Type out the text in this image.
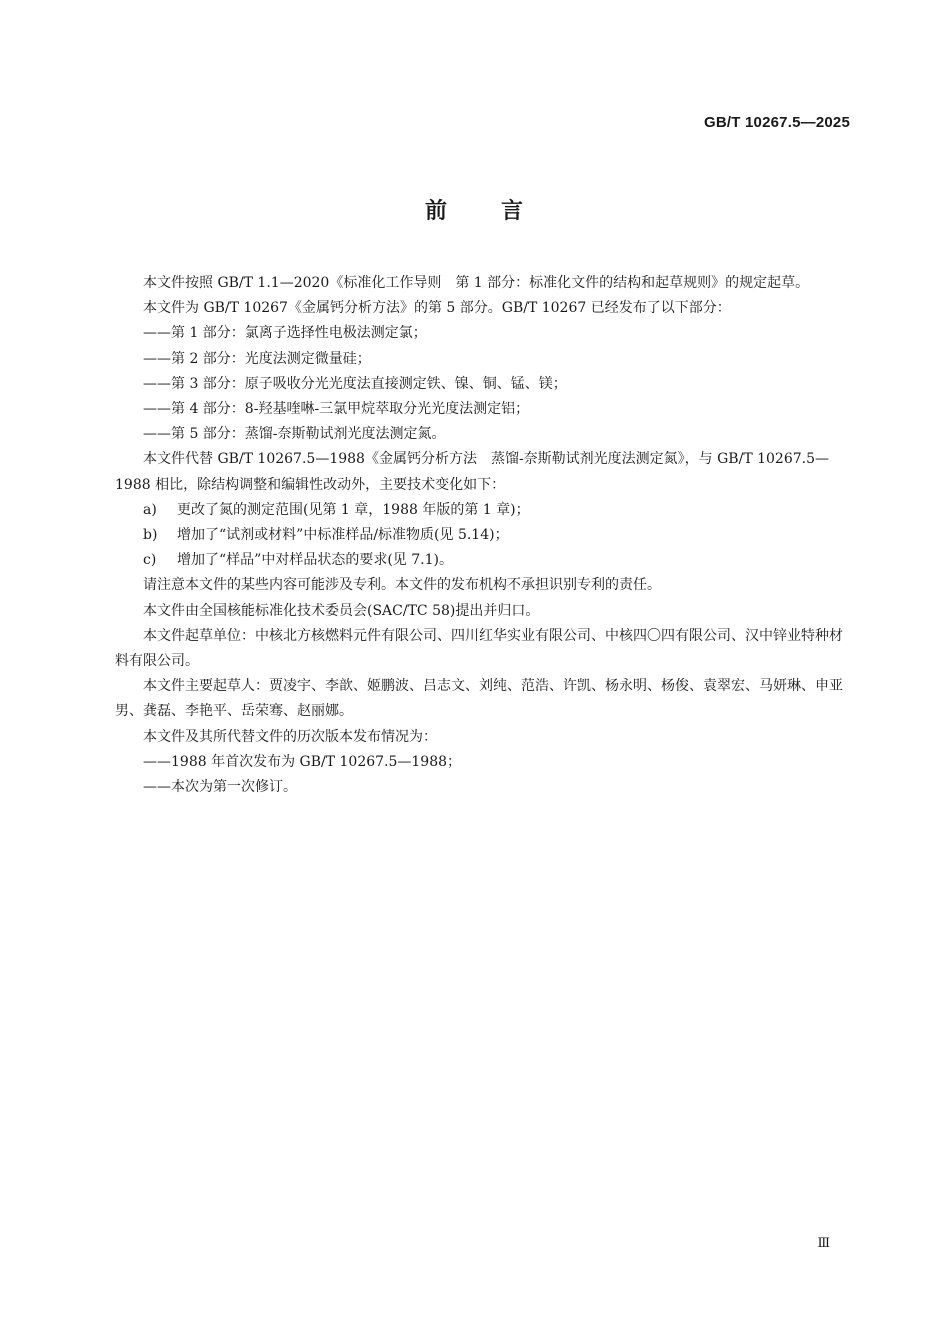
GB/T 10267.5—2025
前 言

本文件按照 GB/T 1.1—2020《标准化工作导则　第 1 部分：标准化文件的结构和起草规则》的规定起草。

本文件为 GB/T 10267《金属钙分析方法》的第 5 部分。GB/T 10267 已经发布了以下部分：

——第 1 部分：氯离子选择性电极法测定氯；

——第 2 部分：光度法测定微量硅；

——第 3 部分：原子吸收分光光度法直接测定铁、镍、铜、锰、镁；

——第 4 部分：8-羟基喹啉-三氯甲烷萃取分光光度法测定铝；

——第 5 部分：蒸馏-奈斯勒试剂光度法测定氮。

本文件代替 GB/T 10267.5—1988《金属钙分析方法　蒸馏-奈斯勒试剂光度法测定氮》，与 GB/T 10267.5—1988 相比，除结构调整和编辑性改动外，主要技术变化如下：

a) 更改了氮的测定范围(见第 1 章，1988 年版的第 1 章)；

b) 增加了“试剂或材料”中标准样品/标准物质(见 5.14)；

c) 增加了“样品”中对样品状态的要求(见 7.1)。

请注意本文件的某些内容可能涉及专利。本文件的发布机构不承担识别专利的责任。

本文件由全国核能标准化技术委员会(SAC/TC 58)提出并归口。

本文件起草单位：中核北方核燃料元件有限公司、四川红华实业有限公司、中核四〇四有限公司、汉中锌业特种材料有限公司。

本文件主要起草人：贾凌宇、李歆、姬鹏波、吕志文、刘纯、范浩、许凯、杨永明、杨俊、袁翠宏、马妍琳、申亚男、龚磊、李艳平、岳荣骞、赵丽娜。

本文件及其所代替文件的历次版本发布情况为：

——1988 年首次发布为 GB/T 10267.5—1988；

——本次为第一次修订。

Ⅲ
